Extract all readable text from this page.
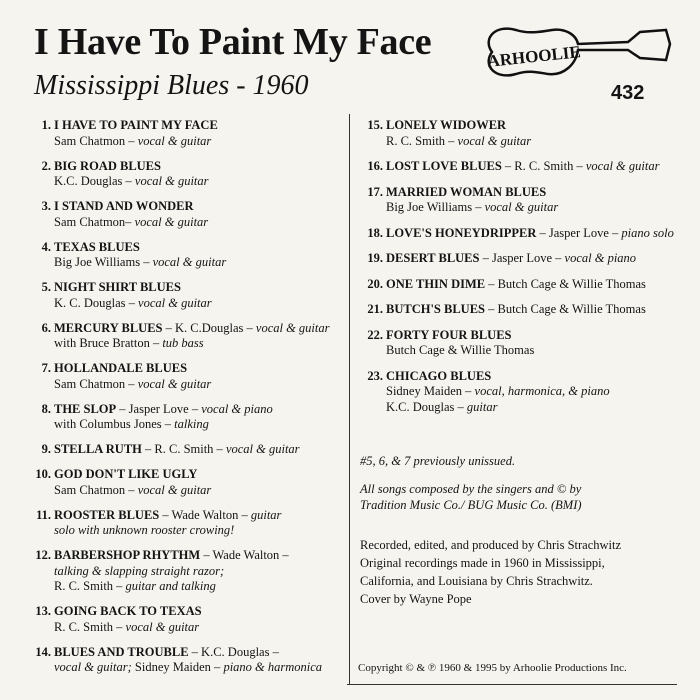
I Have To Paint My Face
Mississippi Blues - 1960
ARHOOLIE
432
1. I HAVE TO PAINT MY FACE
Sam Chatmon – vocal & guitar
2. BIG ROAD BLUES
K.C. Douglas – vocal & guitar
3. I STAND AND WONDER
Sam Chatmon– vocal & guitar
4. TEXAS BLUES
Big Joe Williams – vocal & guitar
5. NIGHT SHIRT BLUES
K. C. Douglas – vocal & guitar
6. MERCURY BLUES – K. C.Douglas – vocal & guitar
with Bruce Bratton – tub bass
7. HOLLANDALE BLUES
Sam Chatmon – vocal & guitar
8. THE SLOP – Jasper Love – vocal & piano
with Columbus Jones – talking
9. STELLA RUTH – R. C. Smith – vocal & guitar
10. GOD DON'T LIKE UGLY
Sam Chatmon – vocal & guitar
11. ROOSTER BLUES – Wade Walton – guitar
solo with unknown rooster crowing!
12. BARBERSHOP RHYTHM – Wade Walton –
talking & slapping straight razor;
R. C. Smith – guitar and talking
13. GOING BACK TO TEXAS
R. C. Smith – vocal & guitar
14. BLUES AND TROUBLE – K.C. Douglas –
vocal & guitar; Sidney Maiden – piano & harmonica
15. LONELY WIDOWER
R. C. Smith – vocal & guitar
16. LOST LOVE BLUES – R. C. Smith – vocal & guitar
17. MARRIED WOMAN BLUES
Big Joe Williams – vocal & guitar
18. LOVE'S HONEYDRIPPER – Jasper Love – piano solo
19. DESERT BLUES – Jasper Love – vocal & piano
20. ONE THIN DIME – Butch Cage & Willie Thomas
21. BUTCH'S BLUES – Butch Cage & Willie Thomas
22. FORTY FOUR BLUES
Butch Cage & Willie Thomas
23. CHICAGO BLUES
Sidney Maiden – vocal, harmonica, & piano
K.C. Douglas – guitar
#5, 6, & 7 previously unissued.
All songs composed by the singers and © by
Tradition Music Co./ BUG Music Co. (BMI)
Recorded, edited, and produced by Chris Strachwitz
Original recordings made in 1960 in Mississippi,
California, and Louisiana by Chris Strachwitz.
Cover by Wayne Pope
Copyright © & ℗ 1960 & 1995 by Arhoolie Productions Inc.
